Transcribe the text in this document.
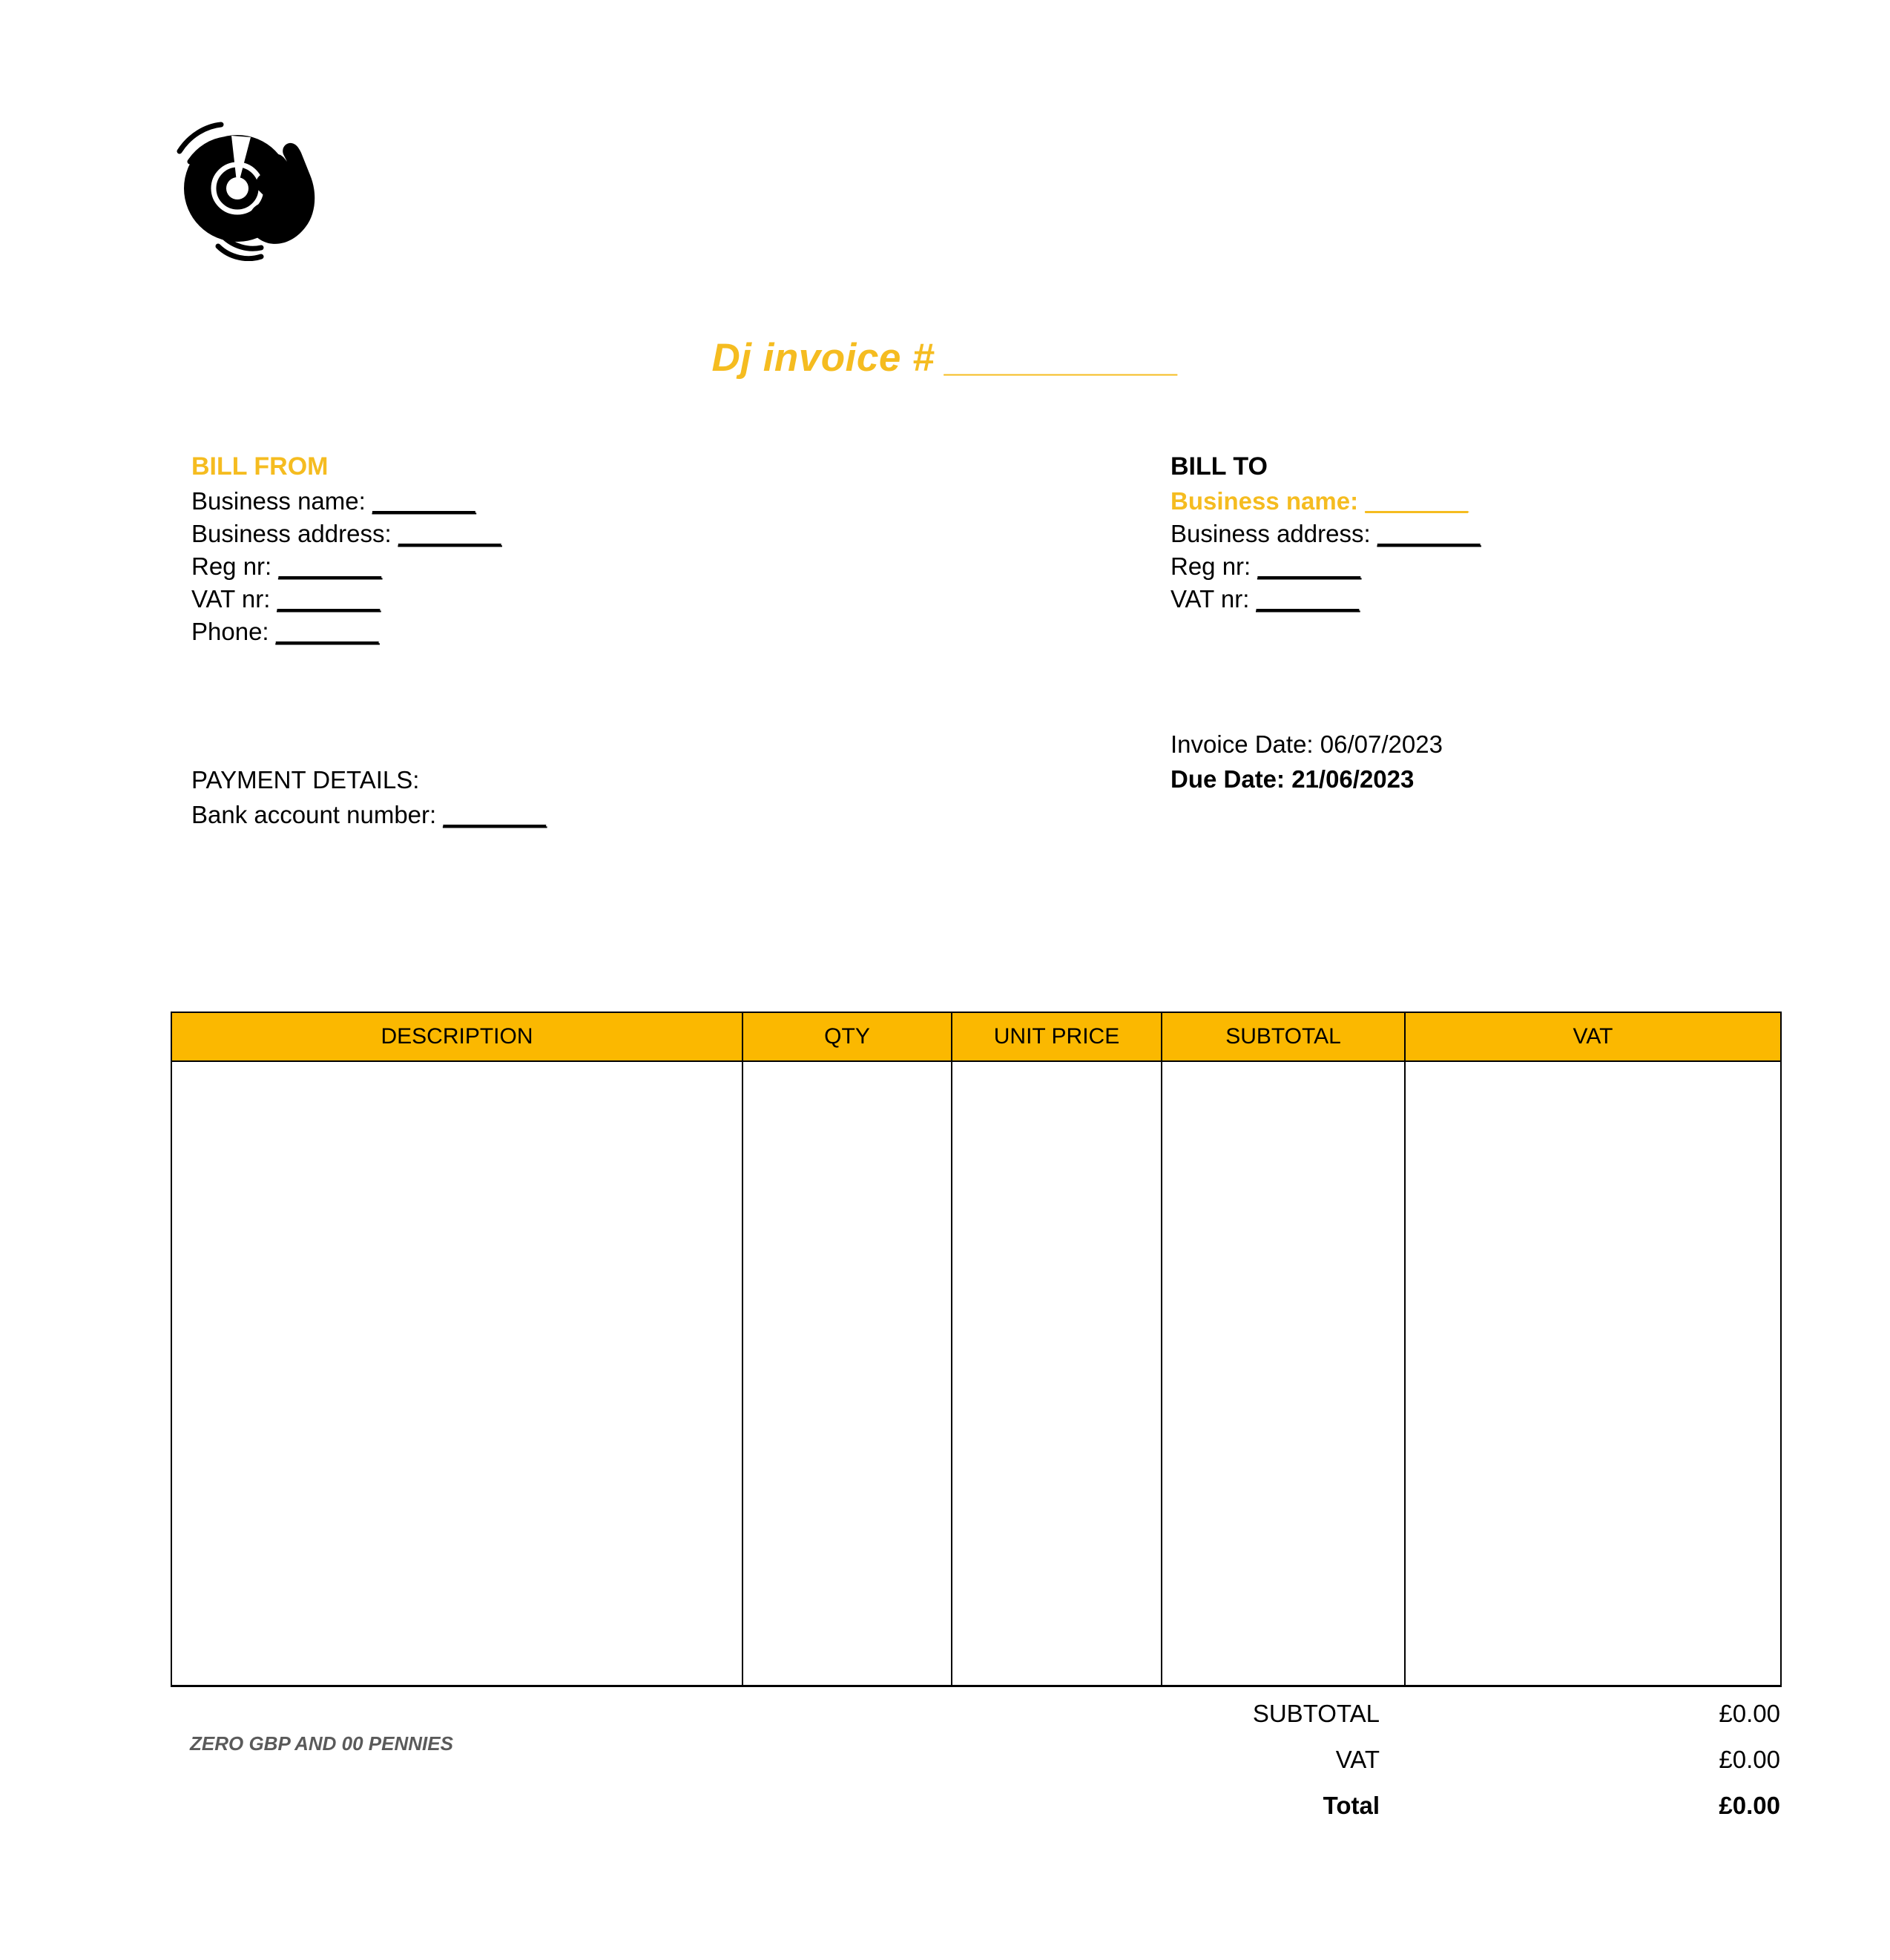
Dj invoice # ___________
BILL FROM
Business name: ________
Business address: ________
Reg nr: ________
VAT nr: ________
Phone: ________
BILL TO
Business name: ________
Business address: ________
Reg nr: ________
VAT nr: ________
Invoice Date: 06/07/2023
Due Date: 21/06/2023
PAYMENT DETAILS:
Bank account number: ________
DESCRIPTION	QTY	UNIT PRICE	SUBTOTAL	VAT

SUBTOTAL	£0.00
VAT	£0.00
Total	£0.00
ZERO GBP AND 00 PENNIES
